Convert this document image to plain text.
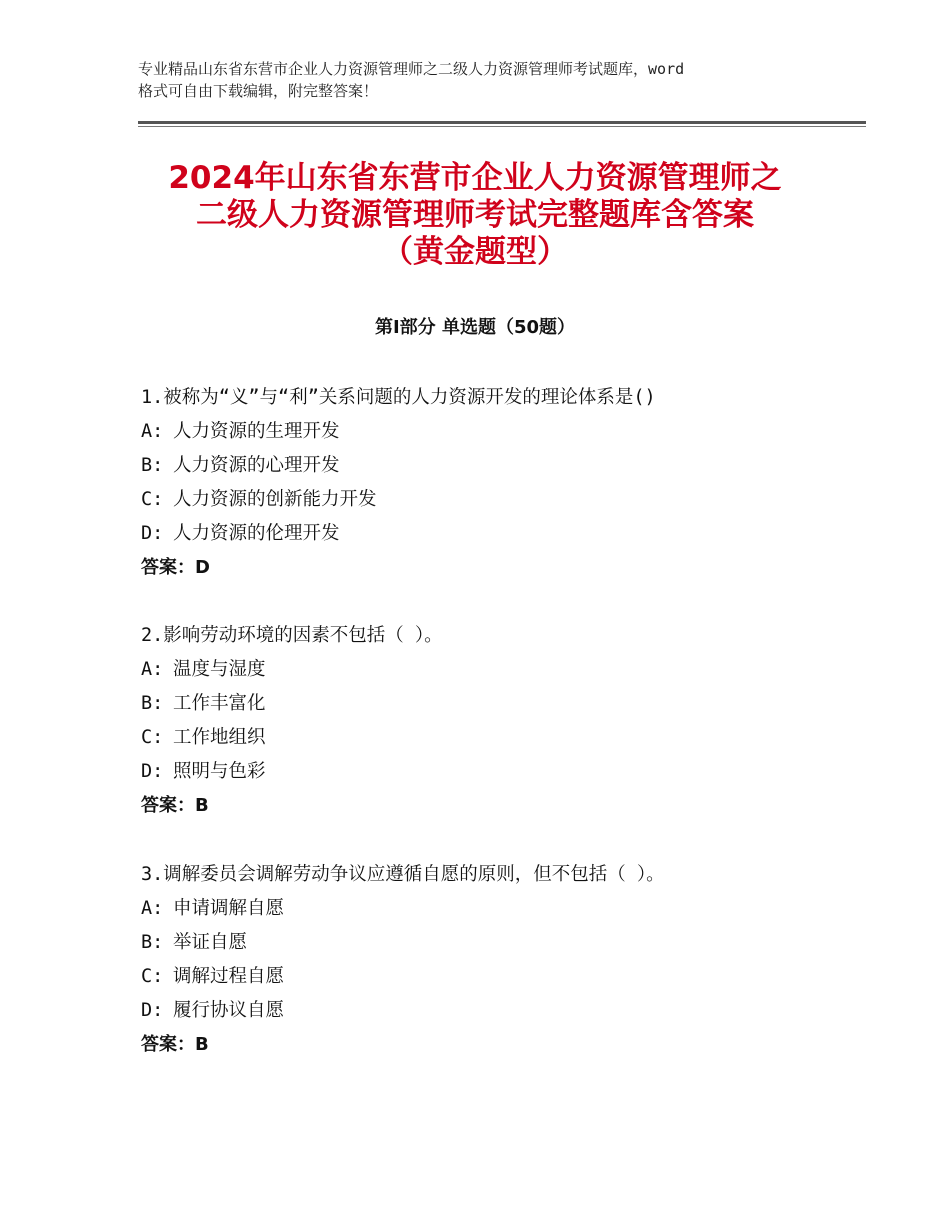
专业精品山东省东营市企业人力资源管理师之二级人力资源管理师考试题库，word
格式可自由下载编辑，附完整答案！
2024年山东省东营市企业人力资源管理师之
二级人力资源管理师考试完整题库含答案
（黄金题型）
第Ⅰ部分 单选题（50题）
1.被称为“义”与“利”关系问题的人力资源开发的理论体系是()
A: 人力资源的生理开发
B: 人力资源的心理开发
C: 人力资源的创新能力开发
D: 人力资源的伦理开发
答案：D
2.影响劳动环境的因素不包括（ ）。
A: 温度与湿度
B: 工作丰富化
C: 工作地组织
D: 照明与色彩
答案：B
3.调解委员会调解劳动争议应遵循自愿的原则，但不包括（ ）。
A: 申请调解自愿
B: 举证自愿
C: 调解过程自愿
D: 履行协议自愿
答案：B
